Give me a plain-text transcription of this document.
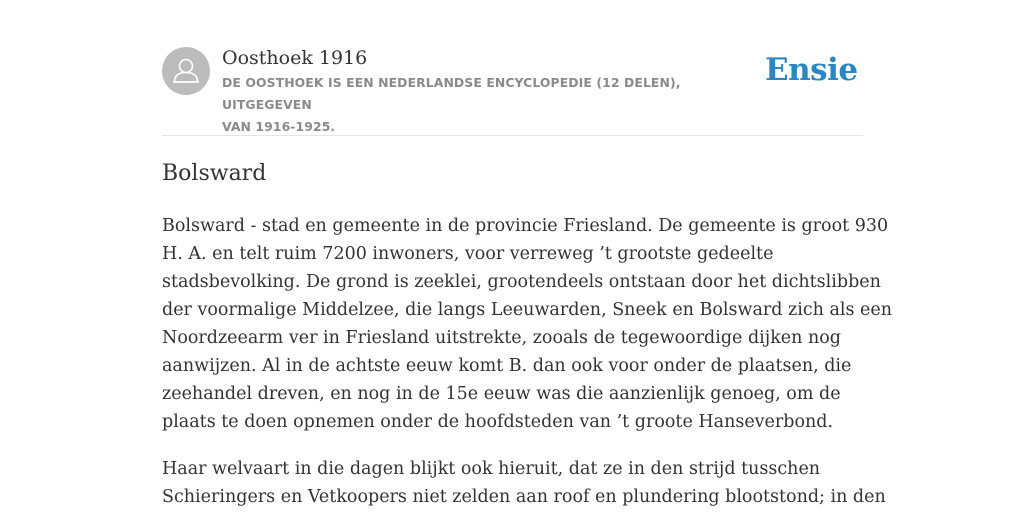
Oosthoek 1916
DE OOSTHOEK IS EEN NEDERLANDSE ENCYCLOPEDIE (12 DELEN), UITGEGEVEN
VAN 1916-1925.
Ensie
Bolsward

Bolsward - stad en gemeente in de provincie Friesland. De gemeente is groot 930
H. A. en telt ruim 7200 inwoners, voor verreweg ’t grootste gedeelte
stadsbevolking. De grond is zeeklei, grootendeels ontstaan door het dichtslibben
der voormalige Middelzee, die langs Leeuwarden, Sneek en Bolsward zich als een
Noordzeearm ver in Friesland uitstrekte, zooals de tegewoordige dijken nog
aanwijzen. Al in de achtste eeuw komt B. dan ook voor onder de plaatsen, die
zeehandel dreven, en nog in de 15e eeuw was die aanzienlijk genoeg, om de
plaats te doen opnemen onder de hoofdsteden van ’t groote Hanseverbond.

Haar welvaart in die dagen blijkt ook hieruit, dat ze in den strijd tusschen
Schieringers en Vetkoopers niet zelden aan roof en plundering blootstond; in den
